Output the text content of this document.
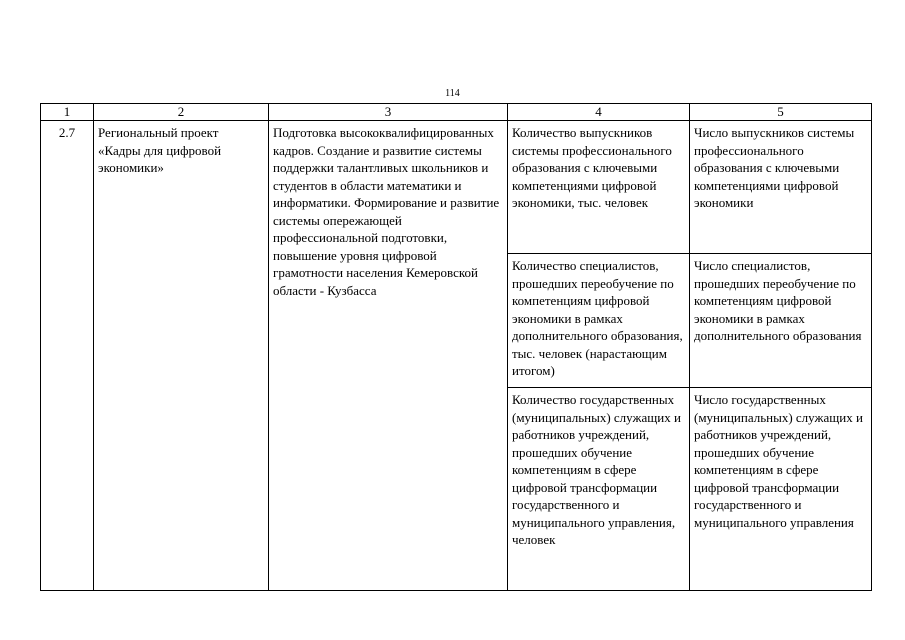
114
1	2	3	4	5
2.7	Региональный проект «Кадры для цифровой экономики»	Подготовка высококвалифицированных кадров. Создание и развитие системы поддержки талантливых школьников и студентов в области математики и информатики. Формирование и развитие системы опережающей профессиональной подготовки, повышение уровня цифровой грамотности населения Кемеровской области - Кузбасса	Количество выпускников системы профессионального образования с ключевыми компетенциями цифровой экономики, тыс. человек	Число выпускников системы профессионального образования с ключевыми компетенциями цифровой экономики
			Количество специалистов, прошедших переобучение по компетенциям цифровой экономики в рамках дополнительного образования, тыс. человек (нарастающим итогом)	Число специалистов, прошедших переобучение по компетенциям цифровой экономики в рамках дополнительного образования
			Количество государственных (муниципальных) служащих и работников учреждений, прошедших обучение компетенциям в сфере цифровой трансформации государственного и муниципального управления, человек	Число государственных (муниципальных) служащих и работников учреждений, прошедших обучение компетенциям в сфере цифровой трансформации государственного и муниципального управления
